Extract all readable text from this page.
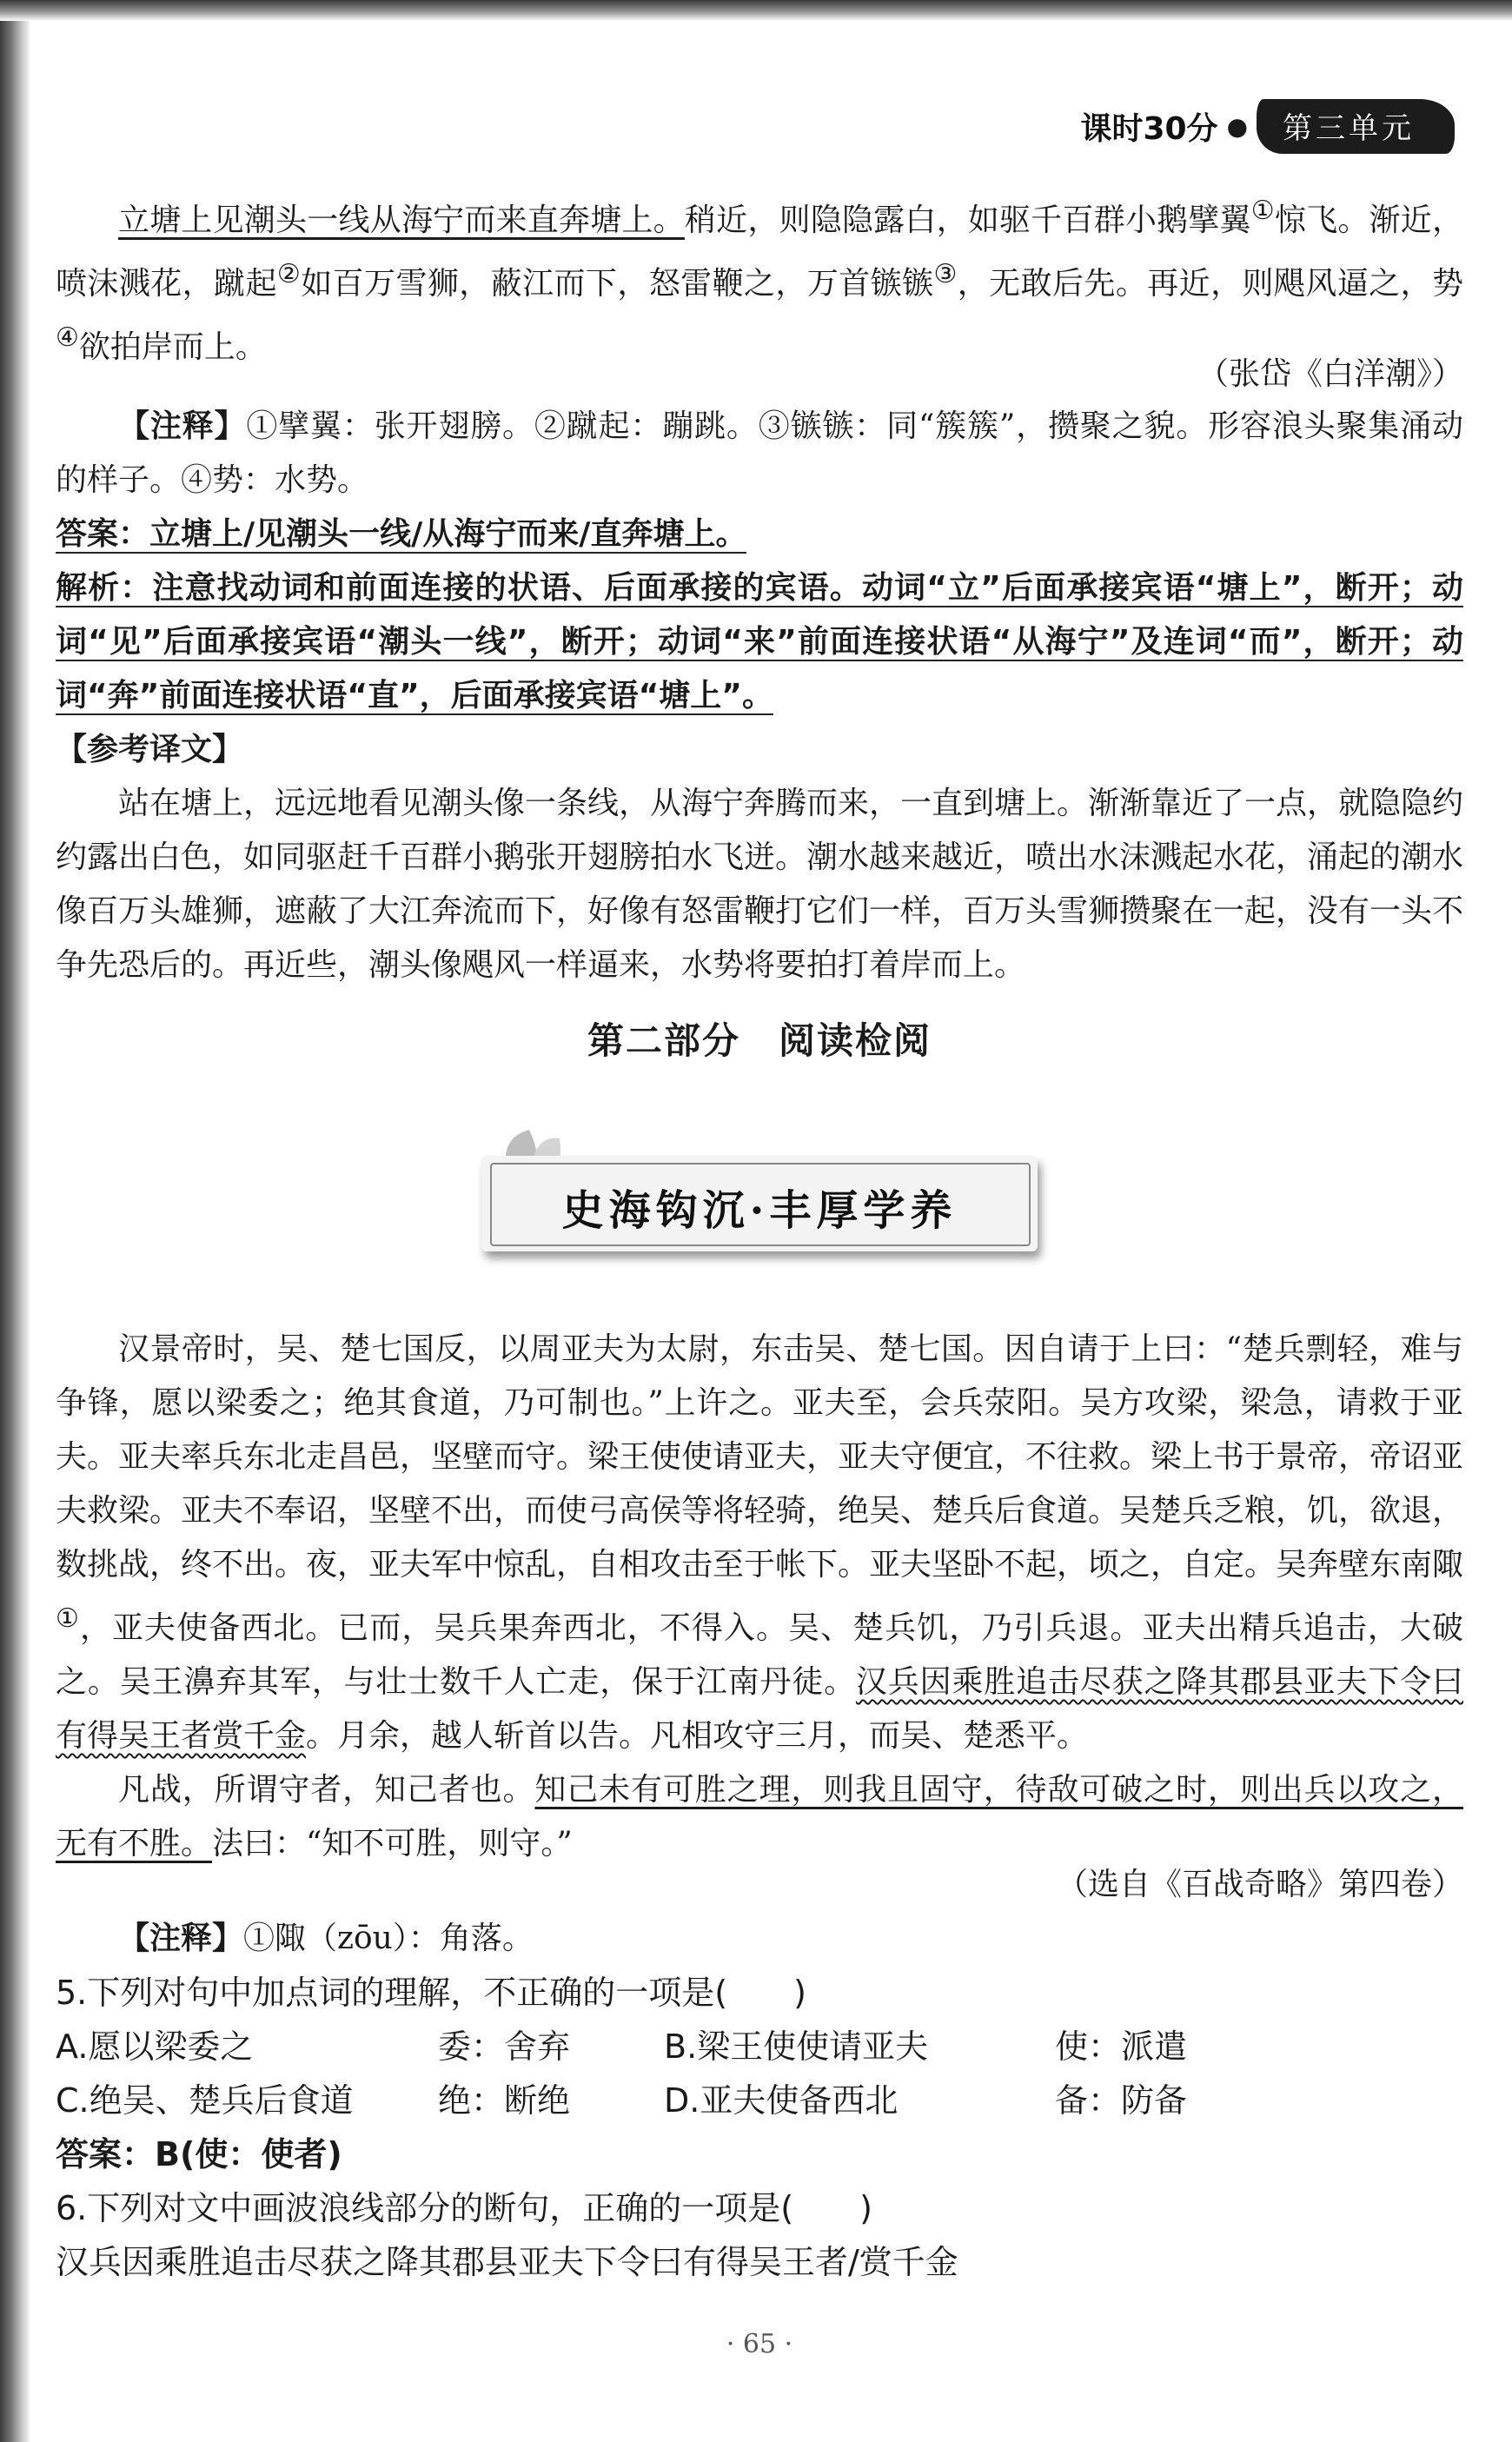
课时30分 ●	第三单元

立塘上见潮头一线从海宁而来直奔塘上。稍近，则隐隐露白，如驱千百群小鹅擘翼①惊飞。渐近，喷沫溅花，蹴起②如百万雪狮，蔽江而下，怒雷鞭之，万首镞镞③，无敢后先。再近，则飓风逼之，势④欲拍岸而上。

（张岱《白洋潮》）

【注释】①擘翼：张开翅膀。②蹴起：蹦跳。③镞镞：同“簇簇”，攒聚之貌。形容浪头聚集涌动的样子。④势：水势。

答案：立塘上/见潮头一线/从海宁而来/直奔塘上。

解析：注意找动词和前面连接的状语、后面承接的宾语。动词“立”后面承接宾语“塘上”，断开；动词“见”后面承接宾语“潮头一线”，断开；动词“来”前面连接状语“从海宁”及连词“而”，断开；动词“奔”前面连接状语“直”，后面承接宾语“塘上”。

【参考译文】

站在塘上，远远地看见潮头像一条线，从海宁奔腾而来，一直到塘上。渐渐靠近了一点，就隐隐约约露出白色，如同驱赶千百群小鹅张开翅膀拍水飞迸。潮水越来越近，喷出水沫溅起水花，涌起的潮水像百万头雄狮，遮蔽了大江奔流而下，好像有怒雷鞭打它们一样，百万头雪狮攒聚在一起，没有一头不争先恐后的。再近些，潮头像飓风一样逼来，水势将要拍打着岸而上。

第二部分　阅读检阅
史海钩沉·丰厚学养

汉景帝时，吴、楚七国反，以周亚夫为太尉，东击吴、楚七国。因自请于上曰：“楚兵剽轻，难与争锋，愿以梁委之；绝其食道，乃可制也。”上许之。亚夫至，会兵荥阳。吴方攻梁，梁急，请救于亚夫。亚夫率兵东北走昌邑，坚壁而守。梁王使使请亚夫，亚夫守便宜，不往救。梁上书于景帝，帝诏亚夫救梁。亚夫不奉诏，坚壁不出，而使弓高侯等将轻骑，绝吴、楚兵后食道。吴楚兵乏粮，饥，欲退，数挑战，终不出。夜，亚夫军中惊乱，自相攻击至于帐下。亚夫坚卧不起，顷之，自定。吴奔壁东南陬①，亚夫使备西北。已而，吴兵果奔西北，不得入。吴、楚兵饥，乃引兵退。亚夫出精兵追击，大破之。吴王濞弃其军，与壮士数千人亡走，保于江南丹徒。汉兵因乘胜追击尽获之降其郡县亚夫下令曰有得吴王者赏千金。月余，越人斩首以告。凡相攻守三月，而吴、楚悉平。

凡战，所谓守者，知己者也。知己未有可胜之理，则我且固守，待敌可破之时，则出兵以攻之，无有不胜。法曰：“知不可胜，则守。”

（选自《百战奇略》第四卷）

【注释】①陬（zōu）：角落。

5.下列对句中加点词的理解，不正确的一项是(　　)
A.愿以梁委之	委：舍弃	B.梁王使使请亚夫	使：派遣
C.绝吴、楚兵后食道	绝：断绝	D.亚夫使备西北	备：防备
答案：B(使：使者)
6.下列对文中画波浪线部分的断句，正确的一项是(　　)
汉兵因乘胜追击尽获之降其郡县亚夫下令曰有得吴王者/赏千金
· 65 ·
